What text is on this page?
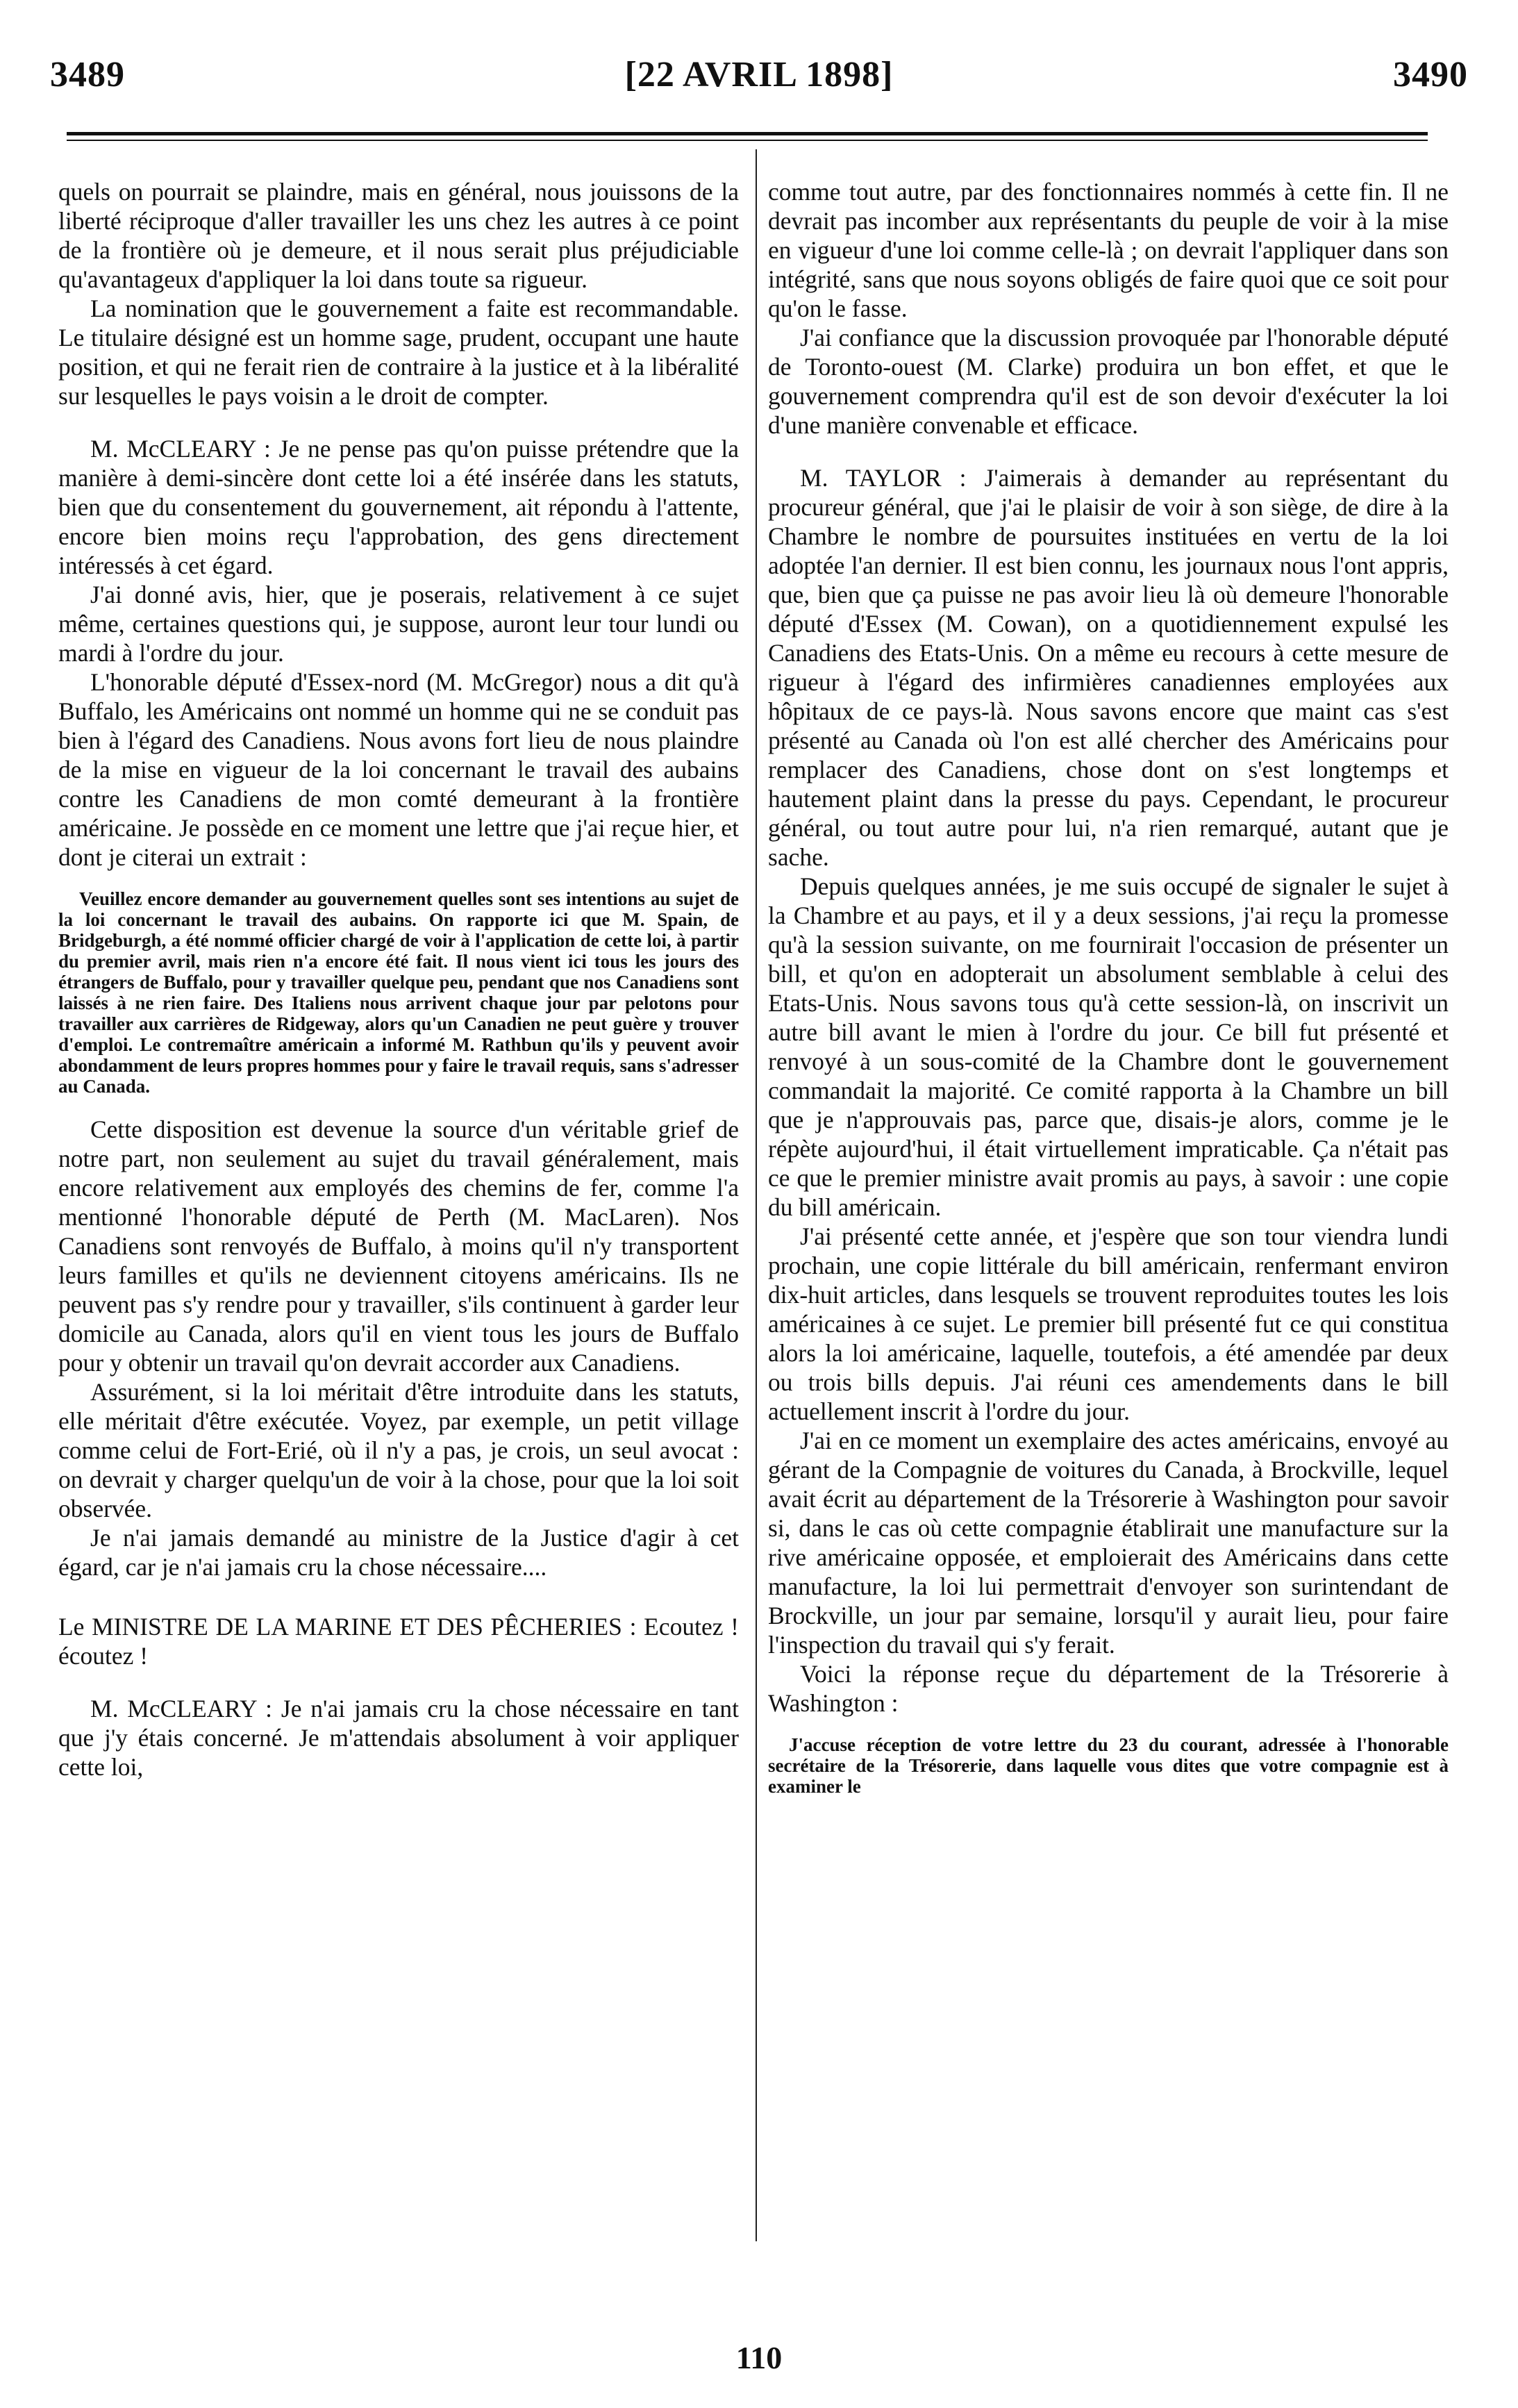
3489	[22 AVRIL 1898]	3490

quels on pourrait se plaindre, mais en général, nous jouissons de la liberté réciproque d'aller travailler les uns chez les autres à ce point de la frontière où je demeure, et il nous serait plus préjudiciable qu'avantageux d'appliquer la loi dans toute sa rigueur.

La nomination que le gouvernement a faite est recommandable. Le titulaire désigné est un homme sage, prudent, occupant une haute position, et qui ne ferait rien de contraire à la justice et à la libéralité sur lesquelles le pays voisin a le droit de compter.

M. McCLEARY : Je ne pense pas qu'on puisse prétendre que la manière à demi-sincère dont cette loi a été insérée dans les statuts, bien que du consentement du gouvernement, ait répondu à l'attente, encore bien moins reçu l'approbation, des gens directement intéressés à cet égard.

J'ai donné avis, hier, que je poserais, relativement à ce sujet même, certaines questions qui, je suppose, auront leur tour lundi ou mardi à l'ordre du jour.

L'honorable député d'Essex-nord (M. McGregor) nous a dit qu'à Buffalo, les Américains ont nommé un homme qui ne se conduit pas bien à l'égard des Canadiens. Nous avons fort lieu de nous plaindre de la mise en vigueur de la loi concernant le travail des aubains contre les Canadiens de mon comté demeurant à la frontière américaine. Je possède en ce moment une lettre que j'ai reçue hier, et dont je citerai un extrait :

Veuillez encore demander au gouvernement quelles sont ses intentions au sujet de la loi concernant le travail des aubains. On rapporte ici que M. Spain, de Bridgeburgh, a été nommé officier chargé de voir à l'application de cette loi, à partir du premier avril, mais rien n'a encore été fait. Il nous vient ici tous les jours des étrangers de Buffalo, pour y travailler quelque peu, pendant que nos Canadiens sont laissés à ne rien faire. Des Italiens nous arrivent chaque jour par pelotons pour travailler aux carrières de Ridgeway, alors qu'un Canadien ne peut guère y trouver d'emploi. Le contremaître américain a informé M. Rathbun qu'ils y peuvent avoir abondamment de leurs propres hommes pour y faire le travail requis, sans s'adresser au Canada.

Cette disposition est devenue la source d'un véritable grief de notre part, non seulement au sujet du travail généralement, mais encore relativement aux employés des chemins de fer, comme l'a mentionné l'honorable député de Perth (M. MacLaren). Nos Canadiens sont renvoyés de Buffalo, à moins qu'il n'y transportent leurs familles et qu'ils ne deviennent citoyens américains. Ils ne peuvent pas s'y rendre pour y travailler, s'ils continuent à garder leur domicile au Canada, alors qu'il en vient tous les jours de Buffalo pour y obtenir un travail qu'on devrait accorder aux Canadiens.

Assurément, si la loi méritait d'être introduite dans les statuts, elle méritait d'être exécutée. Voyez, par exemple, un petit village comme celui de Fort-Erié, où il n'y a pas, je crois, un seul avocat : on devrait y charger quelqu'un de voir à la chose, pour que la loi soit observée.

Je n'ai jamais demandé au ministre de la Justice d'agir à cet égard, car je n'ai jamais cru la chose nécessaire....

Le MINISTRE DE LA MARINE ET DES PÊCHERIES : Ecoutez ! écoutez !

M. McCLEARY : Je n'ai jamais cru la chose nécessaire en tant que j'y étais concerné. Je m'attendais absolument à voir appliquer cette loi,

comme tout autre, par des fonctionnaires nommés à cette fin. Il ne devrait pas incomber aux représentants du peuple de voir à la mise en vigueur d'une loi comme celle-là ; on devrait l'appliquer dans son intégrité, sans que nous soyons obligés de faire quoi que ce soit pour qu'on le fasse.

J'ai confiance que la discussion provoquée par l'honorable député de Toronto-ouest (M. Clarke) produira un bon effet, et que le gouvernement comprendra qu'il est de son devoir d'exécuter la loi d'une manière convenable et efficace.

M. TAYLOR : J'aimerais à demander au représentant du procureur général, que j'ai le plaisir de voir à son siège, de dire à la Chambre le nombre de poursuites instituées en vertu de la loi adoptée l'an dernier. Il est bien connu, les journaux nous l'ont appris, que, bien que ça puisse ne pas avoir lieu là où demeure l'honorable député d'Essex (M. Cowan), on a quotidiennement expulsé les Canadiens des Etats-Unis. On a même eu recours à cette mesure de rigueur à l'égard des infirmières canadiennes employées aux hôpitaux de ce pays-là. Nous savons encore que maint cas s'est présenté au Canada où l'on est allé chercher des Américains pour remplacer des Canadiens, chose dont on s'est longtemps et hautement plaint dans la presse du pays. Cependant, le procureur général, ou tout autre pour lui, n'a rien remarqué, autant que je sache.

Depuis quelques années, je me suis occupé de signaler le sujet à la Chambre et au pays, et il y a deux sessions, j'ai reçu la promesse qu'à la session suivante, on me fournirait l'occasion de présenter un bill, et qu'on en adopterait un absolument semblable à celui des Etats-Unis. Nous savons tous qu'à cette session-là, on inscrivit un autre bill avant le mien à l'ordre du jour. Ce bill fut présenté et renvoyé à un sous-comité de la Chambre dont le gouvernement commandait la majorité. Ce comité rapporta à la Chambre un bill que je n'approuvais pas, parce que, disais-je alors, comme je le répète aujourd'hui, il était virtuellement impraticable. Ça n'était pas ce que le premier ministre avait promis au pays, à savoir : une copie du bill américain.

J'ai présenté cette année, et j'espère que son tour viendra lundi prochain, une copie littérale du bill américain, renfermant environ dix-huit articles, dans lesquels se trouvent reproduites toutes les lois américaines à ce sujet. Le premier bill présenté fut ce qui constitua alors la loi américaine, laquelle, toutefois, a été amendée par deux ou trois bills depuis. J'ai réuni ces amendements dans le bill actuellement inscrit à l'ordre du jour.

J'ai en ce moment un exemplaire des actes américains, envoyé au gérant de la Compagnie de voitures du Canada, à Brockville, lequel avait écrit au département de la Trésorerie à Washington pour savoir si, dans le cas où cette compagnie établirait une manufacture sur la rive américaine opposée, et emploierait des Américains dans cette manufacture, la loi lui permettrait d'envoyer son surintendant de Brockville, un jour par semaine, lorsqu'il y aurait lieu, pour faire l'inspection du travail qui s'y ferait.

Voici la réponse reçue du département de la Trésorerie à Washington :

J'accuse réception de votre lettre du 23 du courant, adressée à l'honorable secrétaire de la Trésorerie, dans laquelle vous dites que votre compagnie est à examiner le

110
